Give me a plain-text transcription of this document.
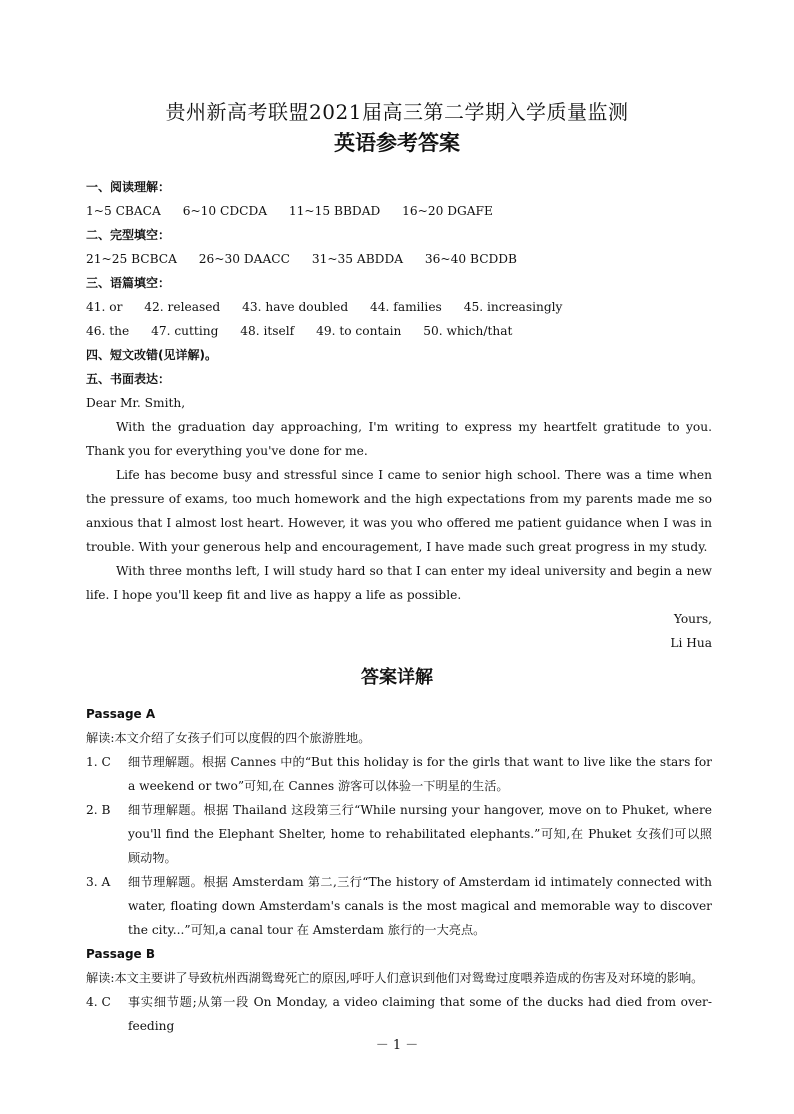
贵州新高考联盟2021届高三第二学期入学质量监测
英语参考答案
一、阅读理解：
1~5 CBACA 6~10 CDCDA 11~15 BBDAD 16~20 DGAFE
二、完型填空：
21~25 BCBCA 26~30 DAACC 31~35 ABDDA 36~40 BCDDB
三、语篇填空：
41. or 42. released 43. have doubled 44. families 45. increasingly
46. the 47. cutting 48. itself 49. to contain 50. which/that
四、短文改错(见详解)。
五、书面表达：
Dear Mr. Smith,

With the graduation day approaching, I'm writing to express my heartfelt gratitude to you. Thank you for everything you've done for me.

Life has become busy and stressful since I came to senior high school. There was a time when the pressure of exams, too much homework and the high expectations from my parents made me so anxious that I almost lost heart. However, it was you who offered me patient guidance when I was in trouble. With your generous help and encouragement, I have made such great progress in my study.

With three months left, I will study hard so that I can enter my ideal university and begin a new life. I hope you'll keep fit and live as happy a life as possible.

Yours,
Li Hua
答案详解
Passage A
解读:本文介绍了女孩子们可以度假的四个旅游胜地。
1. C 细节理解题。根据 Cannes 中的“But this holiday is for the girls that want to live like the stars for a weekend or two”可知,在 Cannes 游客可以体验一下明星的生活。
2. B 细节理解题。根据 Thailand 这段第三行“While nursing your hangover, move on to Phuket, where you'll find the Elephant Shelter, home to rehabilitated elephants.”可知,在 Phuket 女孩们可以照顾动物。
3. A 细节理解题。根据 Amsterdam 第二,三行“The history of Amsterdam id intimately connected with water, floating down Amsterdam's canals is the most magical and memorable way to discover the city...”可知,a canal tour 在 Amsterdam 旅行的一大亮点。
Passage B

解读:本文主要讲了导致杭州西湖鸳鸯死亡的原因,呼吁人们意识到他们对鸳鸯过度喂养造成的伤害及对环境的影响。

4. C 事实细节题;从第一段 On Monday, a video claiming that some of the ducks had died from over-feeding
－ 1 －
